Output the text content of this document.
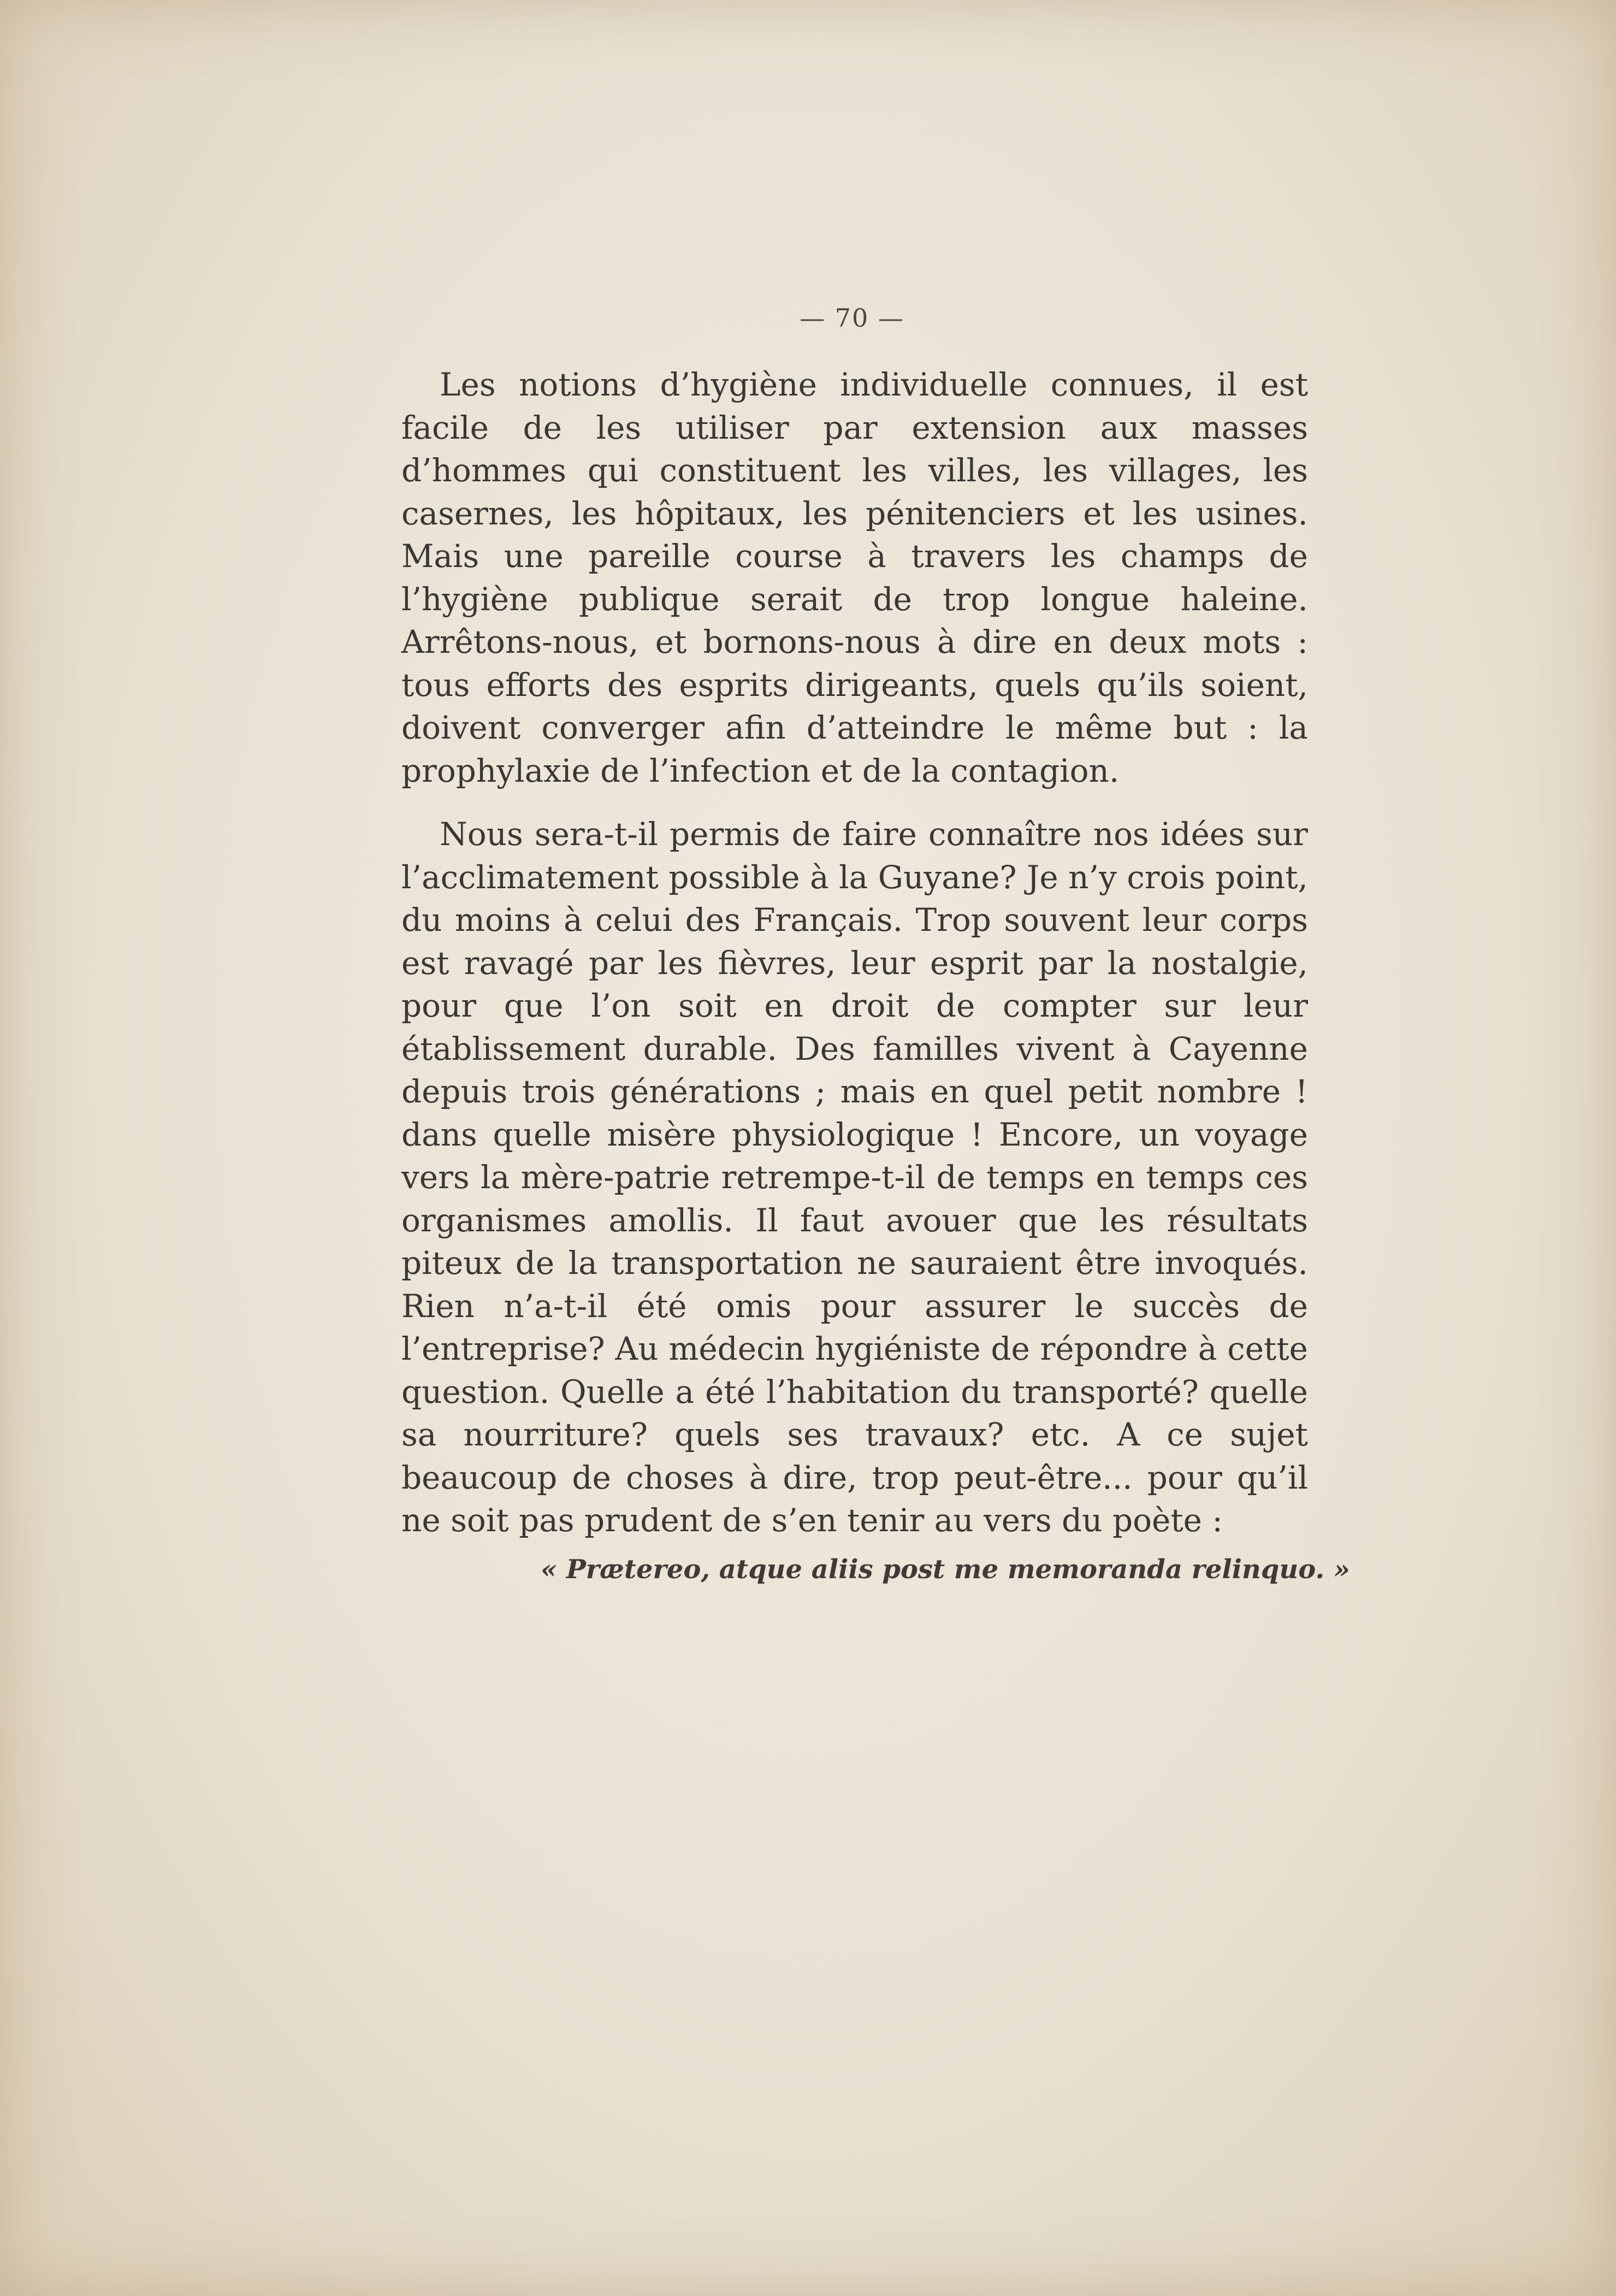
— 70 —

Les notions d’hygiène individuelle connues, il est facile de les utiliser par extension aux masses d’hommes qui constituent les villes, les villages, les casernes, les hôpitaux, les pénitenciers et les usines. Mais une pareille course à travers les champs de l’hygiène publique serait de trop longue haleine. Arrêtons-nous, et bornons-nous à dire en deux mots : tous efforts des esprits dirigeants, quels qu’ils soient, doivent converger afin d’atteindre le même but : la prophylaxie de l’infection et de la contagion.

Nous sera-t-il permis de faire connaître nos idées sur l’acclimatement possible à la Guyane? Je n’y crois point, du moins à celui des Français. Trop souvent leur corps est ravagé par les fièvres, leur esprit par la nostalgie, pour que l’on soit en droit de compter sur leur établissement durable. Des familles vivent à Cayenne depuis trois générations ; mais en quel petit nombre ! dans quelle misère physiologique ! Encore, un voyage vers la mère-patrie retrempe-t-il de temps en temps ces organismes amollis. Il faut avouer que les résultats piteux de la transportation ne sauraient être invoqués. Rien n’a-t-il été omis pour assurer le succès de l’entreprise? Au médecin hygiéniste de répondre à cette question. Quelle a été l’habitation du transporté? quelle sa nourriture? quels ses travaux? etc. A ce sujet beaucoup de choses à dire, trop peut-être... pour qu’il ne soit pas prudent de s’en tenir au vers du poète :

« Prætereo, atque aliis post me memoranda relinquo. »
